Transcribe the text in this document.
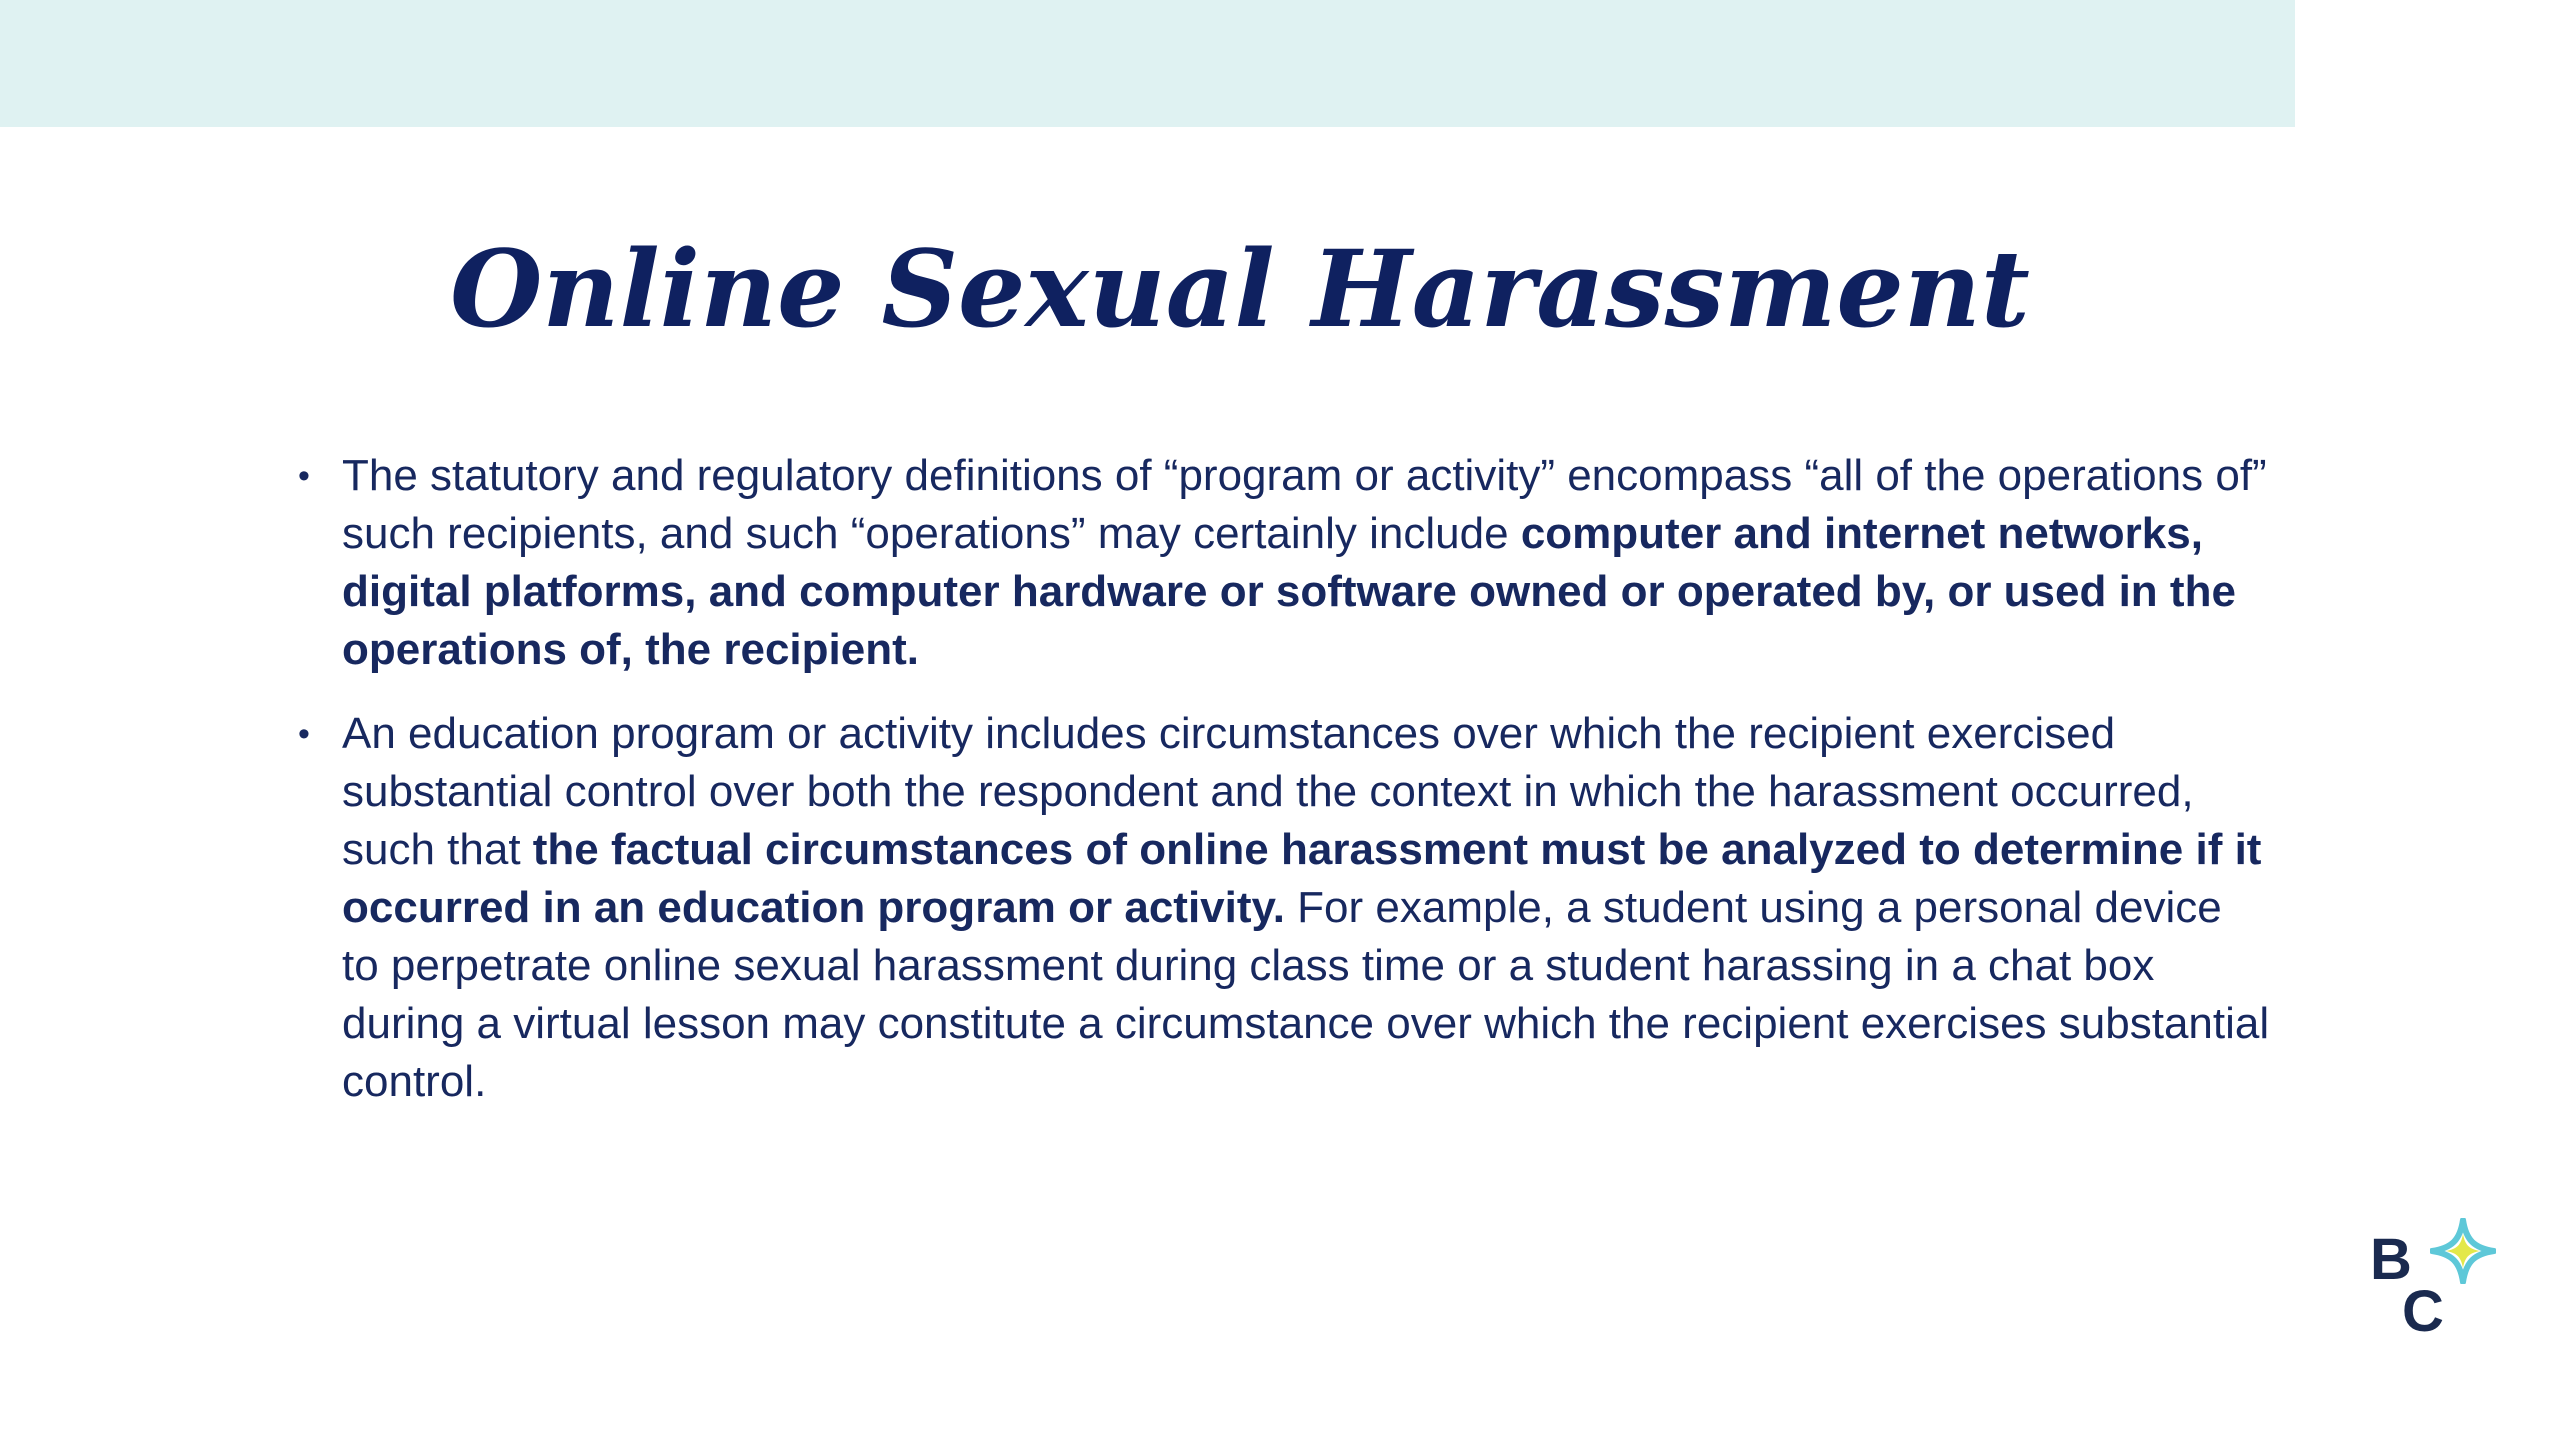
Online Sexual Harassment
• The statutory and regulatory definitions of “program or activity” encompass “all of the operations of” such recipients, and such “operations” may certainly include computer and internet networks, digital platforms, and computer hardware or software owned or operated by, or used in the operations of, the recipient.
• An education program or activity includes circumstances over which the recipient exercised substantial control over both the respondent and the context in which the harassment occurred, such that the factual circumstances of online harassment must be analyzed to determine if it occurred in an education program or activity. For example, a student using a personal device to perpetrate online sexual harassment during class time or a student harassing in a chat box during a virtual lesson may constitute a circumstance over which the recipient exercises substantial control.
B
C
